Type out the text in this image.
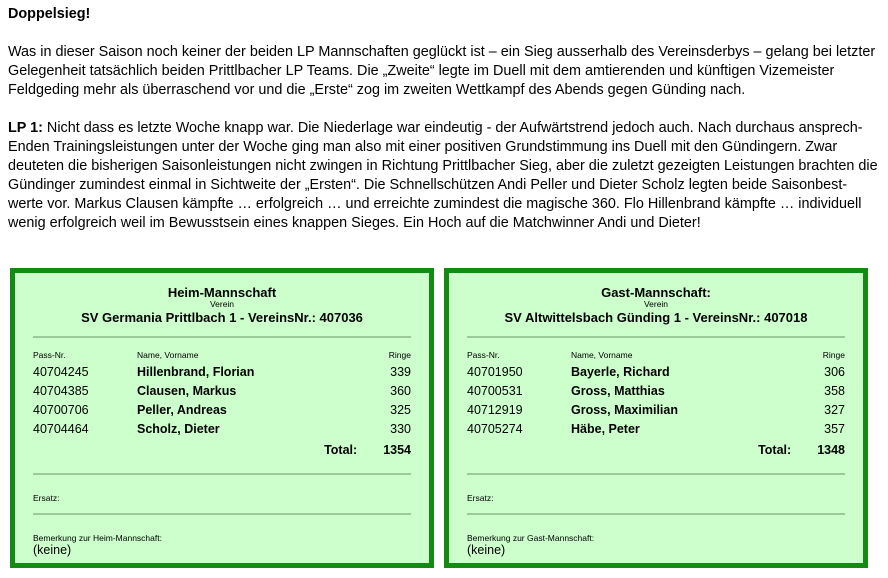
Doppelsieg!

Was in dieser Saison noch keiner der beiden LP Mannschaften geglückt ist – ein Sieg ausserhalb des Vereinsderbys – gelang bei letzter Gelegenheit tatsächlich beiden Prittlbacher LP Teams. Die „Zweite“ legte im Duell mit dem amtierenden und künftigen Vizemeister Feldgeding mehr als überraschend vor und die „Erste“ zog im zweiten Wettkampf des Abends gegen Günding nach.

LP 1: Nicht dass es letzte Woche knapp war. Die Niederlage war eindeutig - der Aufwärtstrend jedoch auch. Nach durchaus ansprech-Enden Trainingsleistungen unter der Woche ging man also mit einer positiven Grundstimmung ins Duell mit den Gündingern. Zwar deuteten die bisherigen Saisonleistungen nicht zwingen in Richtung Prittlbacher Sieg, aber die zuletzt gezeigten Leistungen brachten die Gündinger zumindest einmal in Sichtweite der „Ersten“. Die Schnellschützen Andi Peller und Dieter Scholz legten beide Saisonbest-werte vor. Markus Clausen kämpfte … erfolgreich … und erreichte zumindest die magische 360. Flo Hillenbrand kämpfte … individuell wenig erfolgreich weil im Bewusstsein eines knappen Sieges. Ein Hoch auf die Matchwinner Andi und Dieter!

Heim-Mannschaft
Verein
SV Germania Prittlbach 1 - VereinsNr.: 407036
Pass-Nr.	Name, Vorname	Ringe
40704245	Hillenbrand, Florian	339
40704385	Clausen, Markus	360
40700706	Peller, Andreas	325
40704464	Scholz, Dieter	330
Total: 1354
Ersatz:
Bemerkung zur Heim-Mannschaft:
(keine)
Gast-Mannschaft:
Verein
SV Altwittelsbach Günding 1 - VereinsNr.: 407018
Pass-Nr.	Name, Vorname	Ringe
40701950	Bayerle, Richard	306
40700531	Gross, Matthias	358
40712919	Gross, Maximilian	327
40705274	Häbe, Peter	357
Total: 1348
Ersatz:
Bemerkung zur Gast-Mannschaft:
(keine)
